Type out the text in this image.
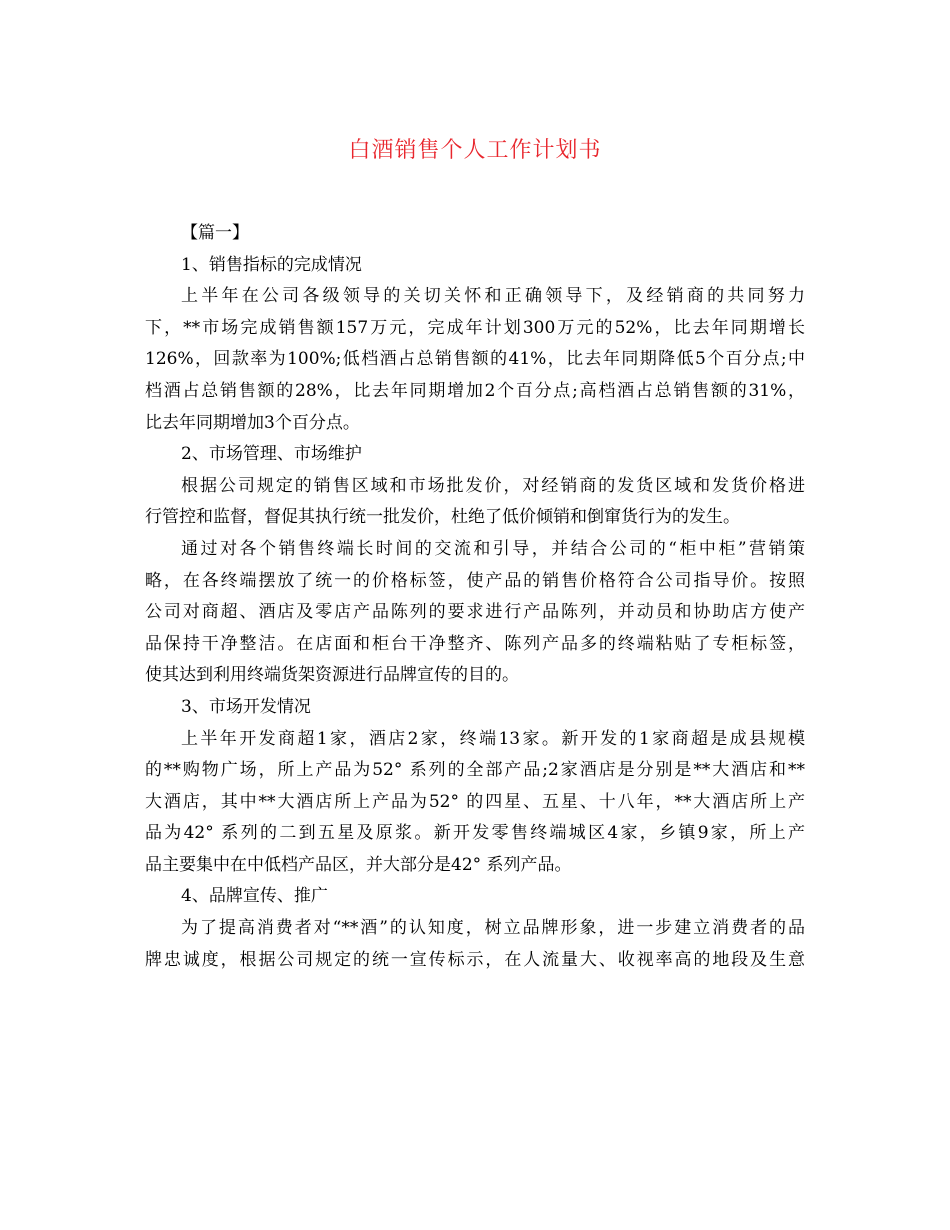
白酒销售个人工作计划书

【篇一】

1、销售指标的完成情况

上半年在公司各级领导的关切关怀和正确领导下，及经销商的共同努力

下，**市场完成销售额157万元，完成年计划300万元的52%，比去年同期增长

126%，回款率为100%;低档酒占总销售额的41%，比去年同期降低5个百分点;中

档酒占总销售额的28%，比去年同期增加2个百分点;高档酒占总销售额的31%，

比去年同期增加3个百分点。

2、市场管理、市场维护

根据公司规定的销售区域和市场批发价，对经销商的发货区域和发货价格进

行管控和监督，督促其执行统一批发价，杜绝了低价倾销和倒窜货行为的发生。

通过对各个销售终端长时间的交流和引导，并结合公司的“柜中柜”营销策

略，在各终端摆放了统一的价格标签，使产品的销售价格符合公司指导价。按照

公司对商超、酒店及零店产品陈列的要求进行产品陈列，并动员和协助店方使产

品保持干净整洁。在店面和柜台干净整齐、陈列产品多的终端粘贴了专柜标签，

使其达到利用终端货架资源进行品牌宣传的目的。

3、市场开发情况

上半年开发商超1家，酒店2家，终端13家。新开发的1家商超是成县规模

的**购物广场，所上产品为52° 系列的全部产品;2家酒店是分别是**大酒店和**

大酒店，其中**大酒店所上产品为52° 的四星、五星、十八年，**大酒店所上产

品为42° 系列的二到五星及原浆。新开发零售终端城区4家，乡镇9家，所上产

品主要集中在中低档产品区，并大部分是42° 系列产品。

4、品牌宣传、推广

为了提高消费者对“**酒”的认知度，树立品牌形象，进一步建立消费者的品

牌忠诚度，根据公司规定的统一宣传标示，在人流量大、收视率高的地段及生意
